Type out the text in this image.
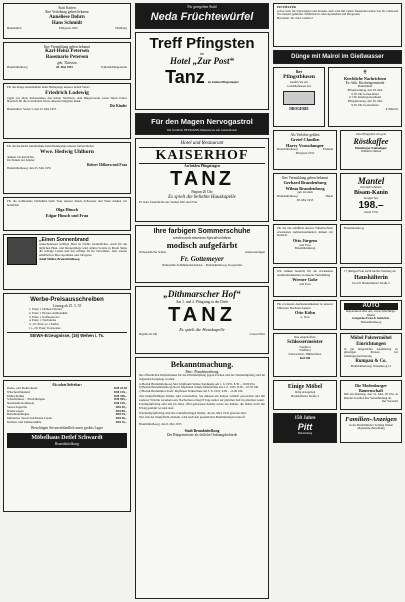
Statt Karten
Ihre Verlobung geben bekannt
Anneliese Dohrn
Hans Schmidt
Brunsbüttel	Pfingsten 1955	Hamburg
Ihre Vermählung geben bekannt
Karl-Heinz Petersen
Rosemarie Petersen
geb. Thiessen
Brunsbüttelkoog	28. Mai 1955	Eddelak/Dingerdonn
Für die innige Anteilnahme beim Heimgange unseres lieben Vaters
Friedrich Lodewig
sagen wir allen, insbesondere den lieben Nachbarn, dem Bürgerverein sowie Herrn Pastor Hoensch für die trostreichen Worte unseren innigsten Dank.
Die Kinder
Brunsbüttel, Sedan 5, den 25. Mai 1955
Für die herzliche Anteilnahme beim Heimgange unserer lieben Mutter
Wwe. Hedwig Uhlhorn
danken wir herzlichst.
Im Namen der Kinder:
Robert Uhlhorn und Frau
Brunsbüttelkoog, den 25. Mai 1955
Für die wohltuende Teilnahme beim Tode unserer lieben Schwester und Tante danken wir herzlichst
Olga Hinsch
Edgar Hinsch und Frau
„Einen Sonnenbrand
wünschenswert kräftige Haut ist Nichts Ordentliches. Auch für die täglichen Haut- und Körperpflege wird Ambre Solaire in Ihrem Sinne die richtige Creme und das richtige Öl für Verwöhnte. Jetzt wieder erhältlich in Ihrer Apotheke oder Drogerie.
Adolf Möller, Brunsbüttelkoog
Werbe-Preisausschreiben
Lösung ab 25. 5. 55
1. Preis: 1 Damen-Fahrrad
2. Preis: 1 Herren-Armbanduhr
3. Preis: 1 Kaffeeservice
4. Preis: 1 Tischdecke
5.–10. Preis: je 1 Kaffee
11.–20. Preis: Trostpreise
SEIWA-Erzeugnisse, (16) Wehen i. Ts.
Ab sofort lieferbar:
Radio- und Elektroherde	DM 25.50
Wäscheschleudern	DM 129,–
Kühlschränke	DM 398,–
Schlafzimmer – Einrichtungen	DM 595,–
Nussbaum-Kommode	DM 169,–
Sessel-Teppiche	DM 49,–
Kinderwagen	DM 89,–
Bettumrandungen	DM 39,–
Matratzen, Sessel und Kleine Lieder	DM 36,–
Küchen- und Zimmerstühle	DM 15,–
Besichtigen Sie unverbindlich unser großes Lager
Möbelhaus Detlef Schwardt
Brunsbüttelkoog
Für geregelten Stuhl
Neda Früchtewürfel
Treff Pfingsten
im
Hotel „Zur Post“
Tanz an beiden Pfingsttagen!
Für den Magen Nervogastrol
Die bewährte NEUMANN-Markenware seit Generationen
Hotel und Restaurant
KAISERHOF
An beiden Pfingsttagen
TANZ
Beginn 20 Uhr
Es spielt die beliebte Hauskapelle
Es ladet freundlichst ein: Stehen Wirt und Frau
Ihre farbigen Sommerschuhe
werden nach neuestem Spezialverfahren
modisch aufgefärbt
Orthopädische Schuh-	Ausbesserungen
Fr. Gottemeyer
Orthopädie-Schuhmachermeister – Brunsbüttelkoog, Koogstraße
„Dithmarscher Hof“
Am 1. und 2. Pfingsttag in der Diele
TANZ
Es spielt die Hauskapelle
Beginn 20 Uhr	Conrad Harr
Bekanntmachung.
Betr.: Pfandeinziehung
Die öffentlichen Impfterminen für die Pflichtimpfung gegen Pocken und die Wiederimpfung sind im folgenden festgelegt worden:
a) Bezirk Brunsbüttelkoog-Süd: Impflokal Schule Sandkamp am 1. 6. 1955, 8.30 – 10.00 Uhr
b) Bezirk Brunsbüttelkoog-Nord: Impflokal Schule Mittelstraße am 2. 6. 1955, 8.30 – 10.30 Uhr
c) Bezirk Brunsbüttel-Stadt: Impflokal Volksschule am 3. 6. 1955, 9.00 – 11.00 Uhr
Alle impfpflichtigen Kinder sind vorzustellen. Sie müssen am Körper reinlich gewaschen und mit sauberer Wäsche versehen sein. Nachschau erfolgt 8 Tage später zur gleichen Zeit im gleichen Lokal.
Erstimpfpflichtig sind alle im Jahre 1954 geborenen Kinder sowie die Kinder, die bisher nicht mit Erfolg geimpft worden sind.
Wiederimpfpflichtig sind alle schulpflichtigen Kinder, die im Jahre 1943 geboren sind.
Wer sich der Impfpflicht entzieht, wird nach den gesetzlichen Bestimmungen bestraft.
Brunsbüttelkoog, den 9. Mai 1955
Stadt Brunsbüttelkoog
Der Bürgermeister als örtliche Ordnungsbehörde
EIN HELFER
soll er sein, für Schwangere und Kranke, dem wird mit vielen Tausenden schon von Dr. Gutbrods Tee bestens geholfen. Erhältlich in allen Apotheken und Drogerien.
Hersteller: Dr. med. Gutbrod
Dünge mit Mairol im Gießwasser
Ihre
Pfingstblusen
kaufen Sie am
vorteilhaftesten bei:
DROGERIE
✝
Kirchliche Nachrichten
Ev.-luth. Kirchengemeinde
Brunsbüttel
Pfingstsonntag, den 29. Mai
9.30 Uhr Gottesdienst
11 Uhr Kindergottesdienst
Pfingstmontag, den 30. Mai
9.30 Uhr Gottesdienst
P. Hinrich
Als Verlobte grüßen
Gretel Claußen
Harry Voossdamper
Brunsbüttelkoog	Eddelak
Pfingsten 1955
Ihre Vermählung geben bekannt
Gerhard Brandenburg
Wilma Brandenburg
geb. Kramm
Brunsbüttelkoog	Heide
28. Mai 1955
Zum Pfingstfest ein gute
Röstkaffee
Hamburger Kaffeelager
Wilhelm Ohlsen
Mantel
mit dem schönen
Bisam-Kanin
Kragen nur
198.–
Alwin Fritz
Für die uns anläßlich unserer Silberhochzeit erwiesenen Aufmerksamkeiten danken wir herzlich.
Otto Jürgens
und Frau
Brunsbüttelkoog
Wir danken herzlich für die erwiesenen Aufmerksamkeiten zu unserer Vermählung
Werner Gohr
und Frau
Für erwiesene Aufmerksamkeiten zu unserer Silbernen Hochzeit danken
Otto Köhn
u. Frau
Brunsbüttelkoog
17 jähriges Frau sucht leichte Stellung als
Haushälterin
Zu erfr. Brunsbütteler Straße 5
AUTO
Reparaturen aller Art, sowie Abschlepp-Dienst
Gregorius Frau & Sohn KG.
Brunsbüttelkoog
Neu eingetroffen:
Schlossermeister
Sandbrot
Weißbrot
Schwarzbrot, Hühnerfutter
Ruf 280
Einige Möbel
billig abzugeben
Brunsbütteler Straße 3
150 Jahre
Pitt
Bekleidung
Möbel Polstermöbel Einrichtungen
in gut bürgerlicher Ausführung zu günstigen Preisen bei Zahlungserleichterung
Rumpau & Co.
Brunsbüttelkoog, Neuenkoog 12
Die Modenburger Bauernschaft
hält am Dienstag, den 31. Mai, 20 Uhr, in Rhodes Gasthof ihre Versammlung ab.
Der Vorstand
Familien-Anzeigen
in der Brunsbütteler Zeitung finden allgemeine Beachtung
